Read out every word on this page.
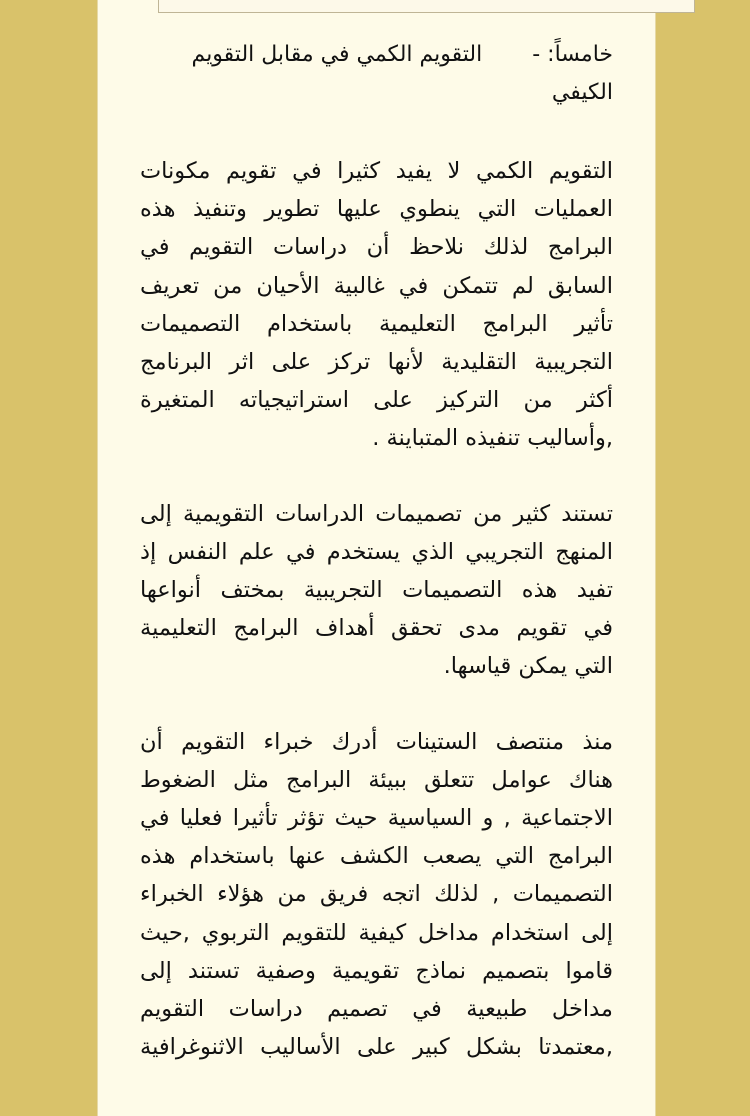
خامساً: -
التقويم الكمي في مقابل التقويم
الكيفي
التقويم الكمي لا يفيد كثيرا في تقويم مكونات
العمليات التي ينطوي عليها تطوير وتنفيذ هذه
البرامج لذلك نلاحظ أن دراسات التقويم في
السابق لم تتمكن في غالبية الأحيان من تعريف
تأثير البرامج التعليمية باستخدام التصميمات
التجريبية التقليدية لأنها تركز على اثر البرنامج
أكثر من التركيز على استراتيجياته المتغيرة
,وأساليب تنفيذه المتباينة .
تستند كثير من تصميمات الدراسات التقويمية إلى
المنهج التجريبي الذي يستخدم في علم النفس إذ
تفيد هذه التصميمات التجريبية بمختف أنواعها
في تقويم مدى تحقق أهداف البرامج التعليمية
التي يمكن قياسها.
منذ منتصف الستينات أدرك خبراء التقويم أن
هناك عوامل تتعلق ببيئة البرامج مثل الضغوط
الاجتماعية , و السياسية حيث تؤثر تأثيرا فعليا في
البرامج التي يصعب الكشف عنها باستخدام هذه
التصميمات , لذلك اتجه فريق من هؤلاء الخبراء
إلى استخدام مداخل كيفية للتقويم التربوي ,حيث
قاموا بتصميم نماذج تقويمية وصفية تستند إلى
مداخل طبيعية في تصميم دراسات التقويم
,معتمدتا بشكل كبير على الأساليب الاثنوغرافية
